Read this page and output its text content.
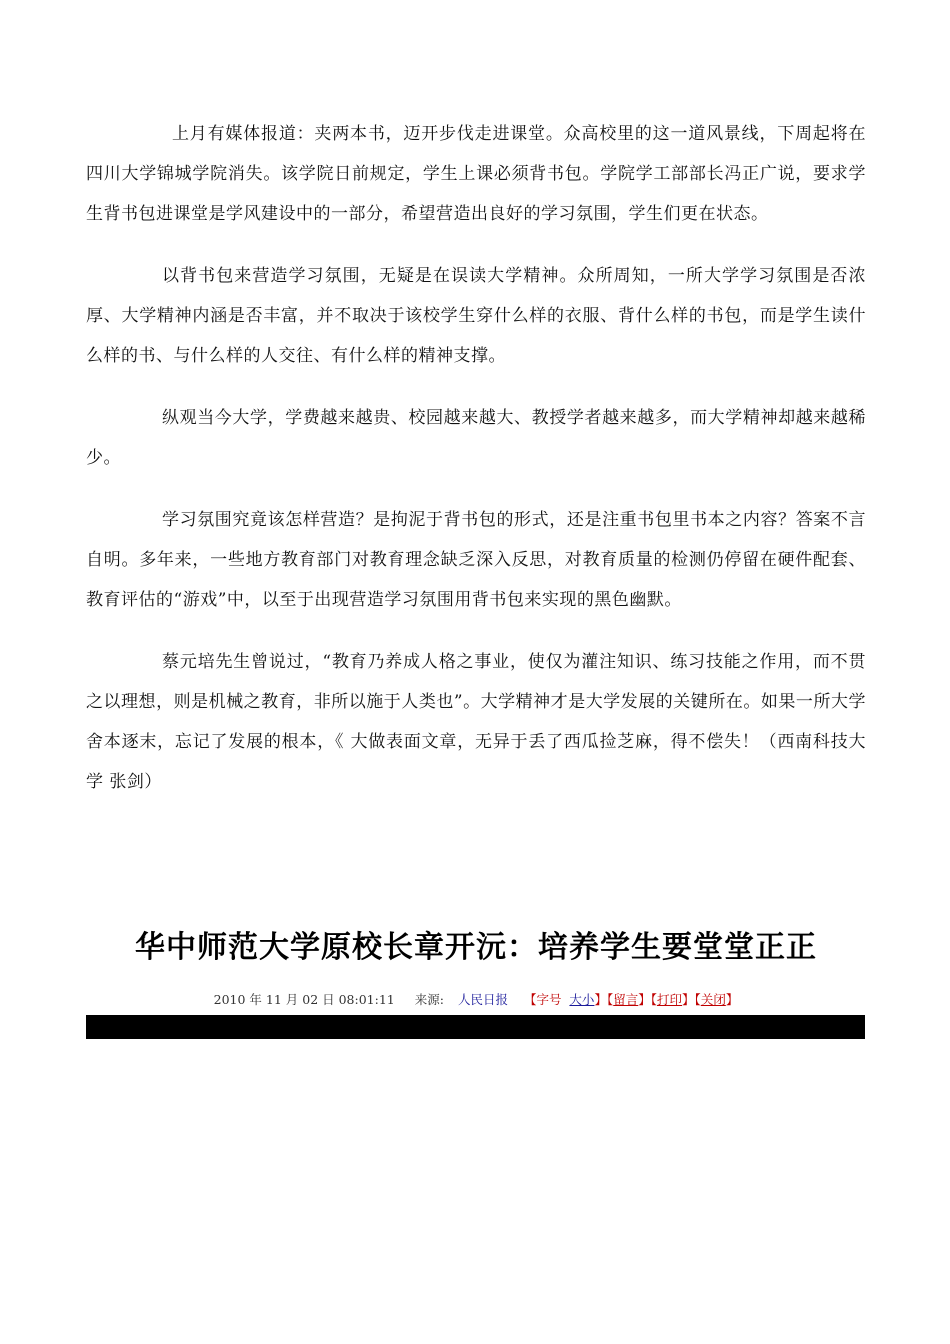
上月有媒体报道：夹两本书，迈开步伐走进课堂。众高校里的这一道风景线，下周起将在四川大学锦城学院消失。该学院日前规定，学生上课必须背书包。学院学工部部长冯正广说，要求学生背书包进课堂是学风建设中的一部分，希望营造出良好的学习氛围，学生们更在状态。

以背书包来营造学习氛围，无疑是在误读大学精神。众所周知，一所大学学习氛围是否浓厚、大学精神内涵是否丰富，并不取决于该校学生穿什么样的衣服、背什么样的书包，而是学生读什么样的书、与什么样的人交往、有什么样的精神支撑。

纵观当今大学，学费越来越贵、校园越来越大、教授学者越来越多，而大学精神却越来越稀少。

学习氛围究竟该怎样营造？是拘泥于背书包的形式，还是注重书包里书本之内容？答案不言自明。多年来，一些地方教育部门对教育理念缺乏深入反思，对教育质量的检测仍停留在硬件配套、教育评估的“游戏”中，以至于出现营造学习氛围用背书包来实现的黑色幽默。

蔡元培先生曾说过，“教育乃养成人格之事业，使仅为灌注知识、练习技能之作用，而不贯之以理想，则是机械之教育，非所以施于人类也”。大学精神才是大学发展的关键所在。如果一所大学舍本逐末，忘记了发展的根本，《 大做表面文章，无异于丢了西瓜捡芝麻，得不偿失！（西南科技大学 张剑）

华中师范大学原校长章开沅：培养学生要堂堂正正
2010 年 11 月 02 日 08:01:11 来源: 人民日报 【字号 大小】【留言】【打印】【关闭】
